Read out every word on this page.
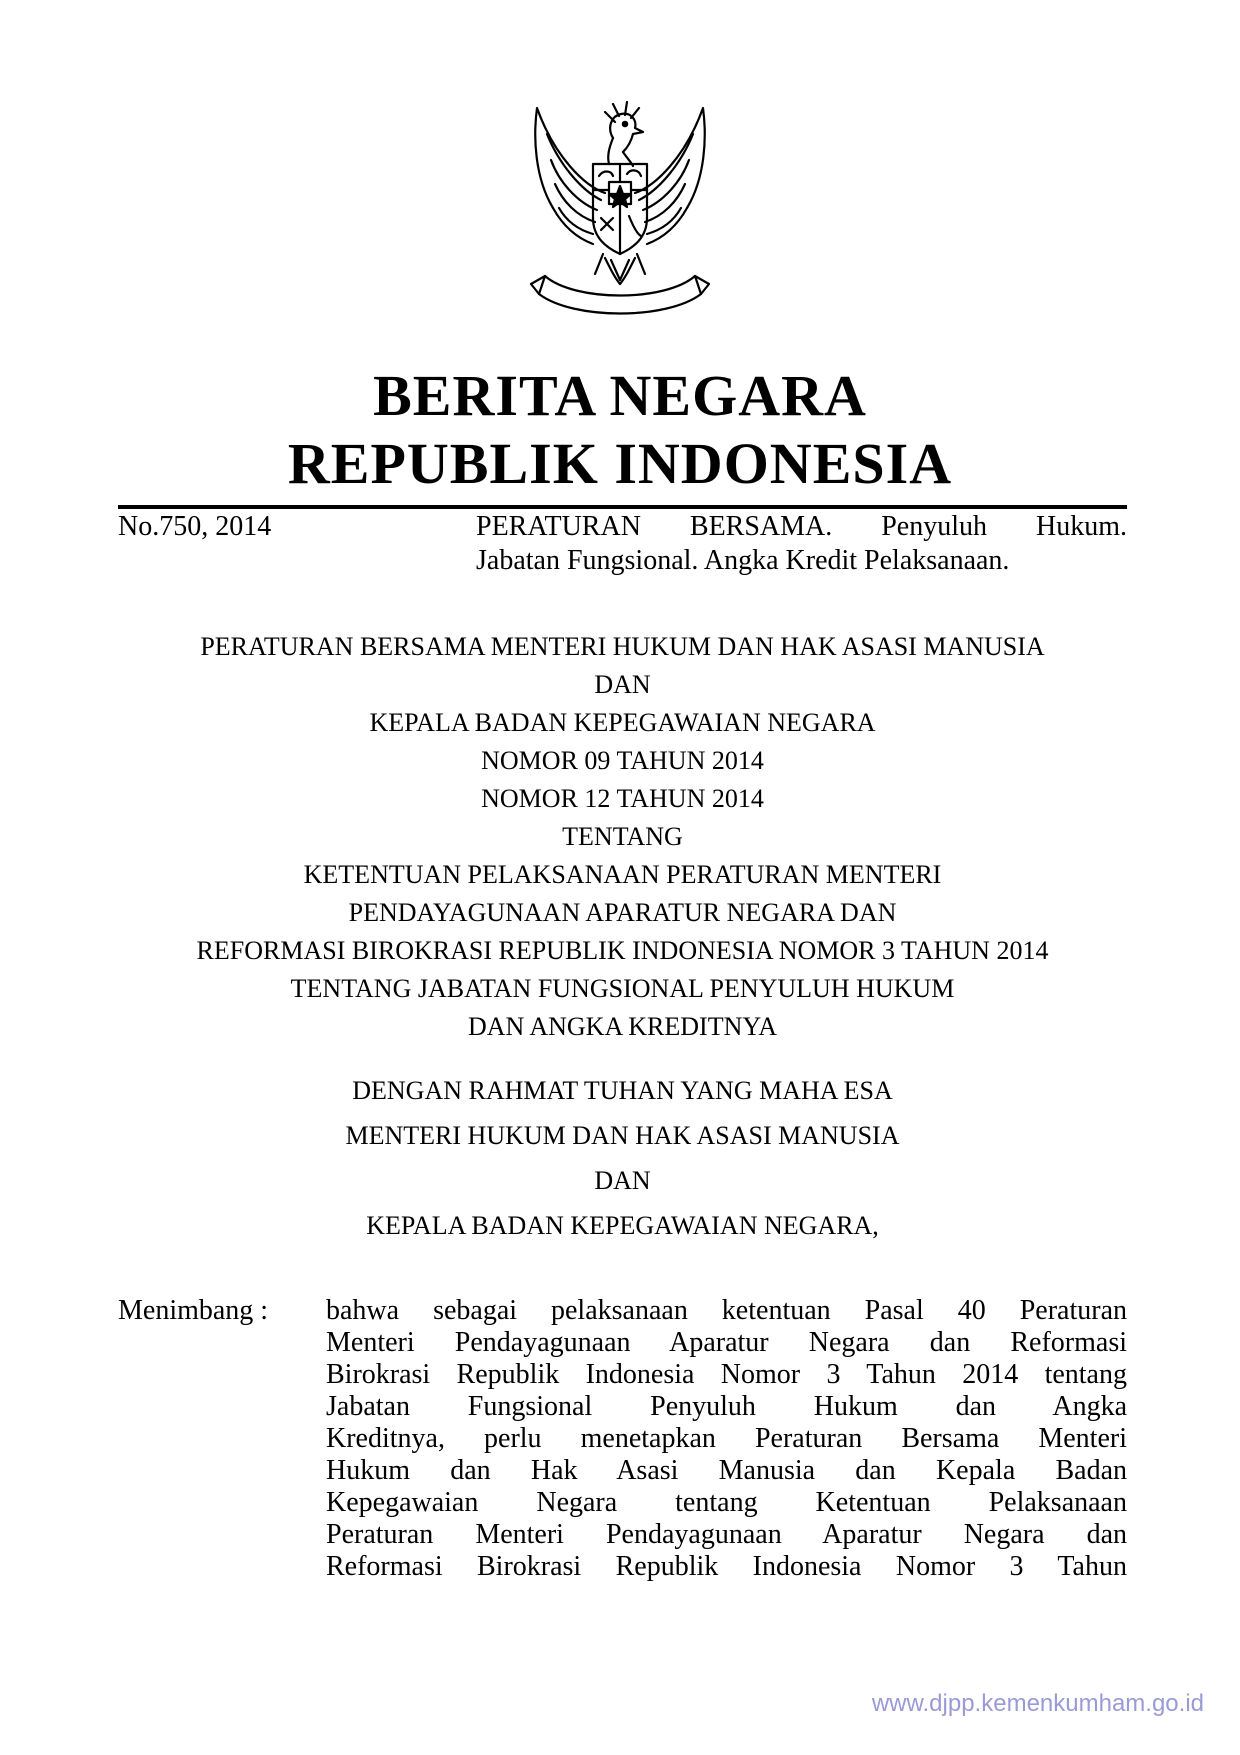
BERITA NEGARA
REPUBLIK INDONESIA
No.750, 2014	PERATURAN BERSAMA. Penyuluh Hukum.
Jabatan Fungsional. Angka Kredit Pelaksanaan.
PERATURAN BERSAMA MENTERI HUKUM DAN HAK ASASI MANUSIA
DAN
KEPALA BADAN KEPEGAWAIAN NEGARA
NOMOR 09 TAHUN 2014
NOMOR 12 TAHUN 2014
TENTANG
KETENTUAN PELAKSANAAN PERATURAN MENTERI
PENDAYAGUNAAN APARATUR NEGARA DAN
REFORMASI BIROKRASI REPUBLIK INDONESIA NOMOR 3 TAHUN 2014
TENTANG JABATAN FUNGSIONAL PENYULUH HUKUM
DAN ANGKA KREDITNYA
DENGAN RAHMAT TUHAN YANG MAHA ESA
MENTERI HUKUM DAN HAK ASASI MANUSIA
DAN
KEPALA BADAN KEPEGAWAIAN NEGARA,
Menimbang : bahwa sebagai pelaksanaan ketentuan Pasal 40 Peraturan
Menteri Pendayagunaan Aparatur Negara dan Reformasi
Birokrasi Republik Indonesia Nomor 3 Tahun 2014 tentang
Jabatan Fungsional Penyuluh Hukum dan Angka
Kreditnya, perlu menetapkan Peraturan Bersama Menteri
Hukum dan Hak Asasi Manusia dan Kepala Badan
Kepegawaian Negara tentang Ketentuan Pelaksanaan
Peraturan Menteri Pendayagunaan Aparatur Negara dan
Reformasi Birokrasi Republik Indonesia Nomor 3 Tahun
www.djpp.kemenkumham.go.id
